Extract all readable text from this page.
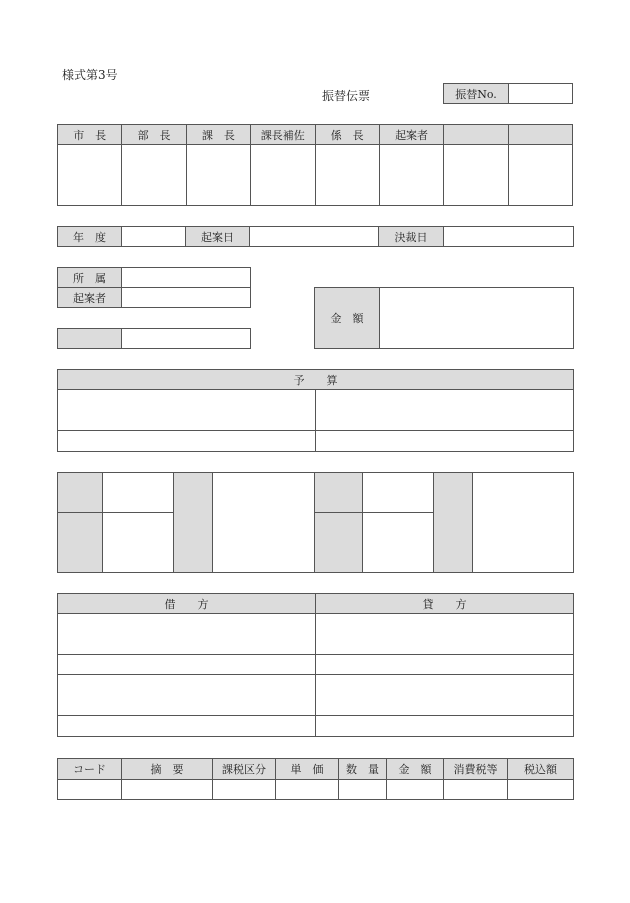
様式第3号
振替伝票	振替No.	
市　長	部　長	課　長	課長補佐	係　長	起案者		

年　度		起案日		決裁日	
所　属	
起案者	

金　額	
予　　算	

借　　方	貸　　方

コード	摘　要	課税区分	単　価	数　量	金　額	消費税等	税込額
